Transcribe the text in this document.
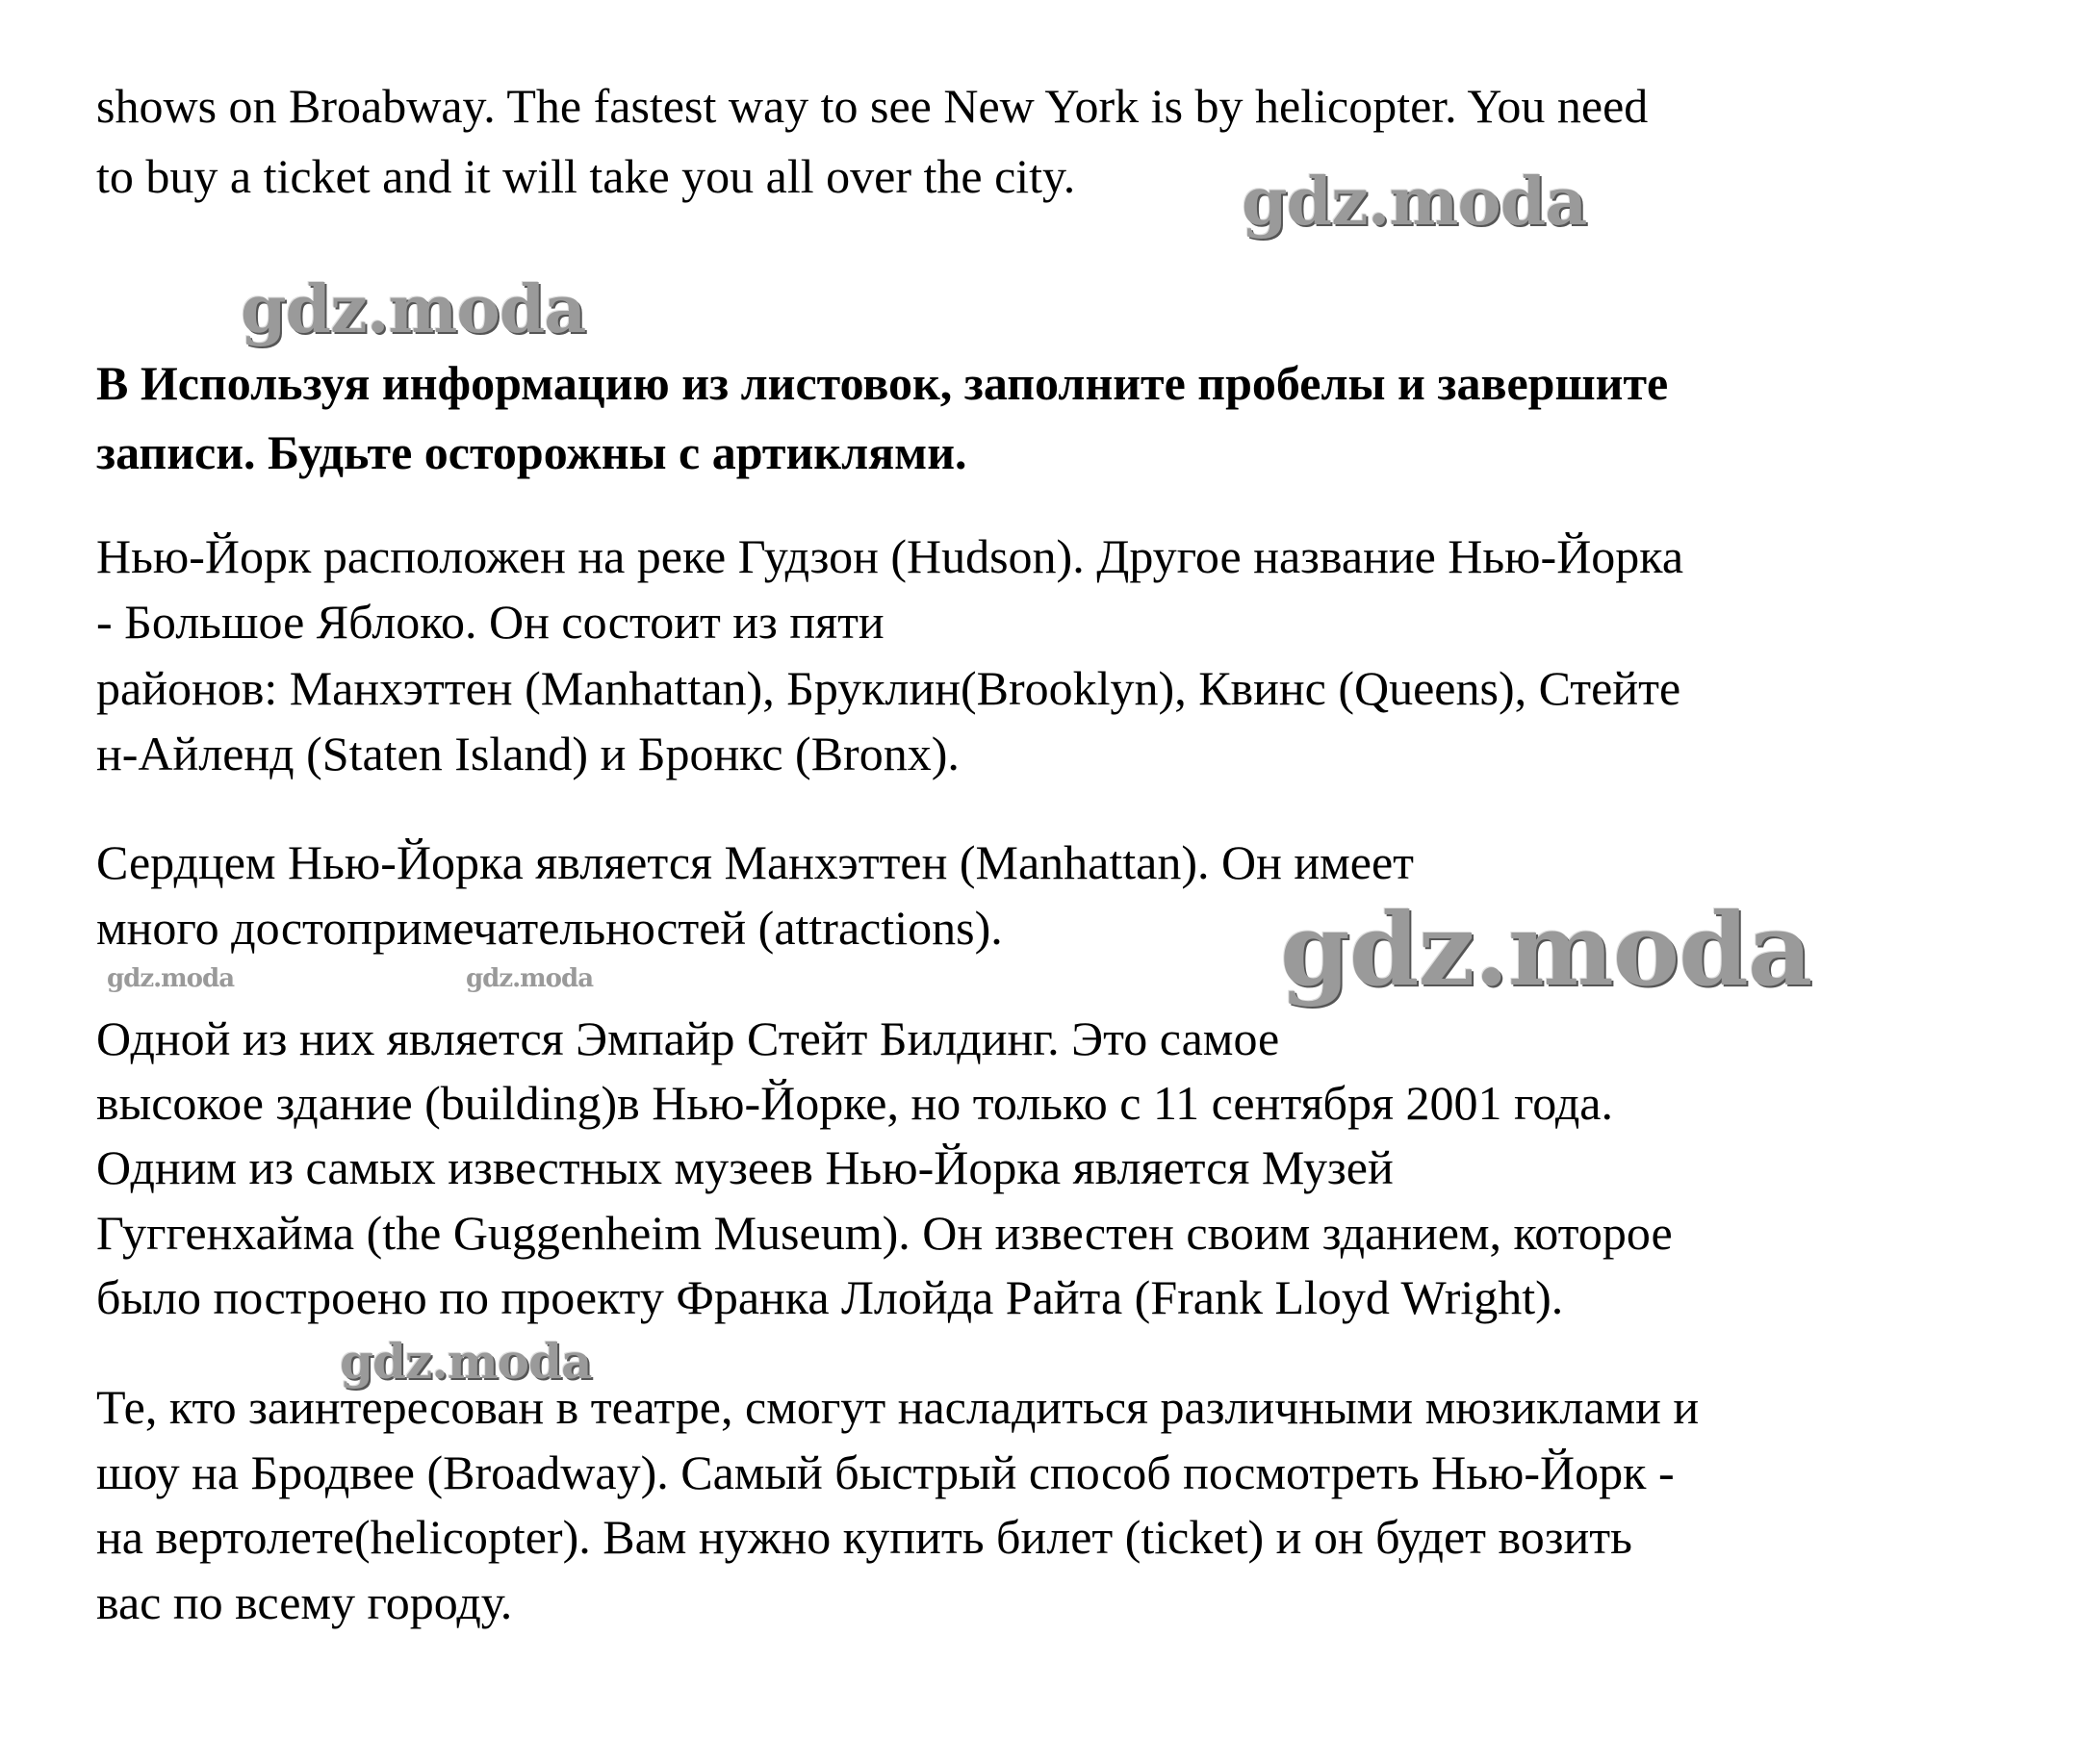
shows on Broabway. The fastest way to see New York is by helicopter. You need
to buy a ticket and it will take you all over the city.	gdz.moda
gdz.moda
B Используя информацию из листовок, заполните пробелы и завершите
записи. Будьте осторожны с артиклями.
Нью-Йорк расположен на реке Гудзон (Hudson). Другое название Нью-Йорка
- Большое Яблоко. Он состоит из пяти
районов: Манхэттен (Manhattan), Бруклин(Brooklyn), Квинс (Queens), Стейте
н-Айленд (Staten Island) и Бронкс (Bronx).
Сердцем Нью-Йорка является Манхэттен (Manhattan). Он имеет
много достопримечательностей (attractions).	gdz.moda
gdz.moda	gdz.moda
Одной из них является Эмпайр Стейт Билдинг. Это самое
высокое здание (building)в Нью-Йорке, но только с 11 сентября 2001 года.
Одним из самых известных музеев Нью-Йорка является Музей
Гуггенхайма (the Guggenheim Museum). Он известен своим зданием, которое
было построено по проекту Франка Ллойда Райта (Frank Lloyd Wright).
gdz.moda
Те, кто заинтересован в театре, смогут насладиться различными мюзиклами и
шоу на Бродвее (Broadway). Самый быстрый способ посмотреть Нью-Йорк -
на вертолете(helicopter). Вам нужно купить билет (ticket) и он будет возить
вас по всему городу.
